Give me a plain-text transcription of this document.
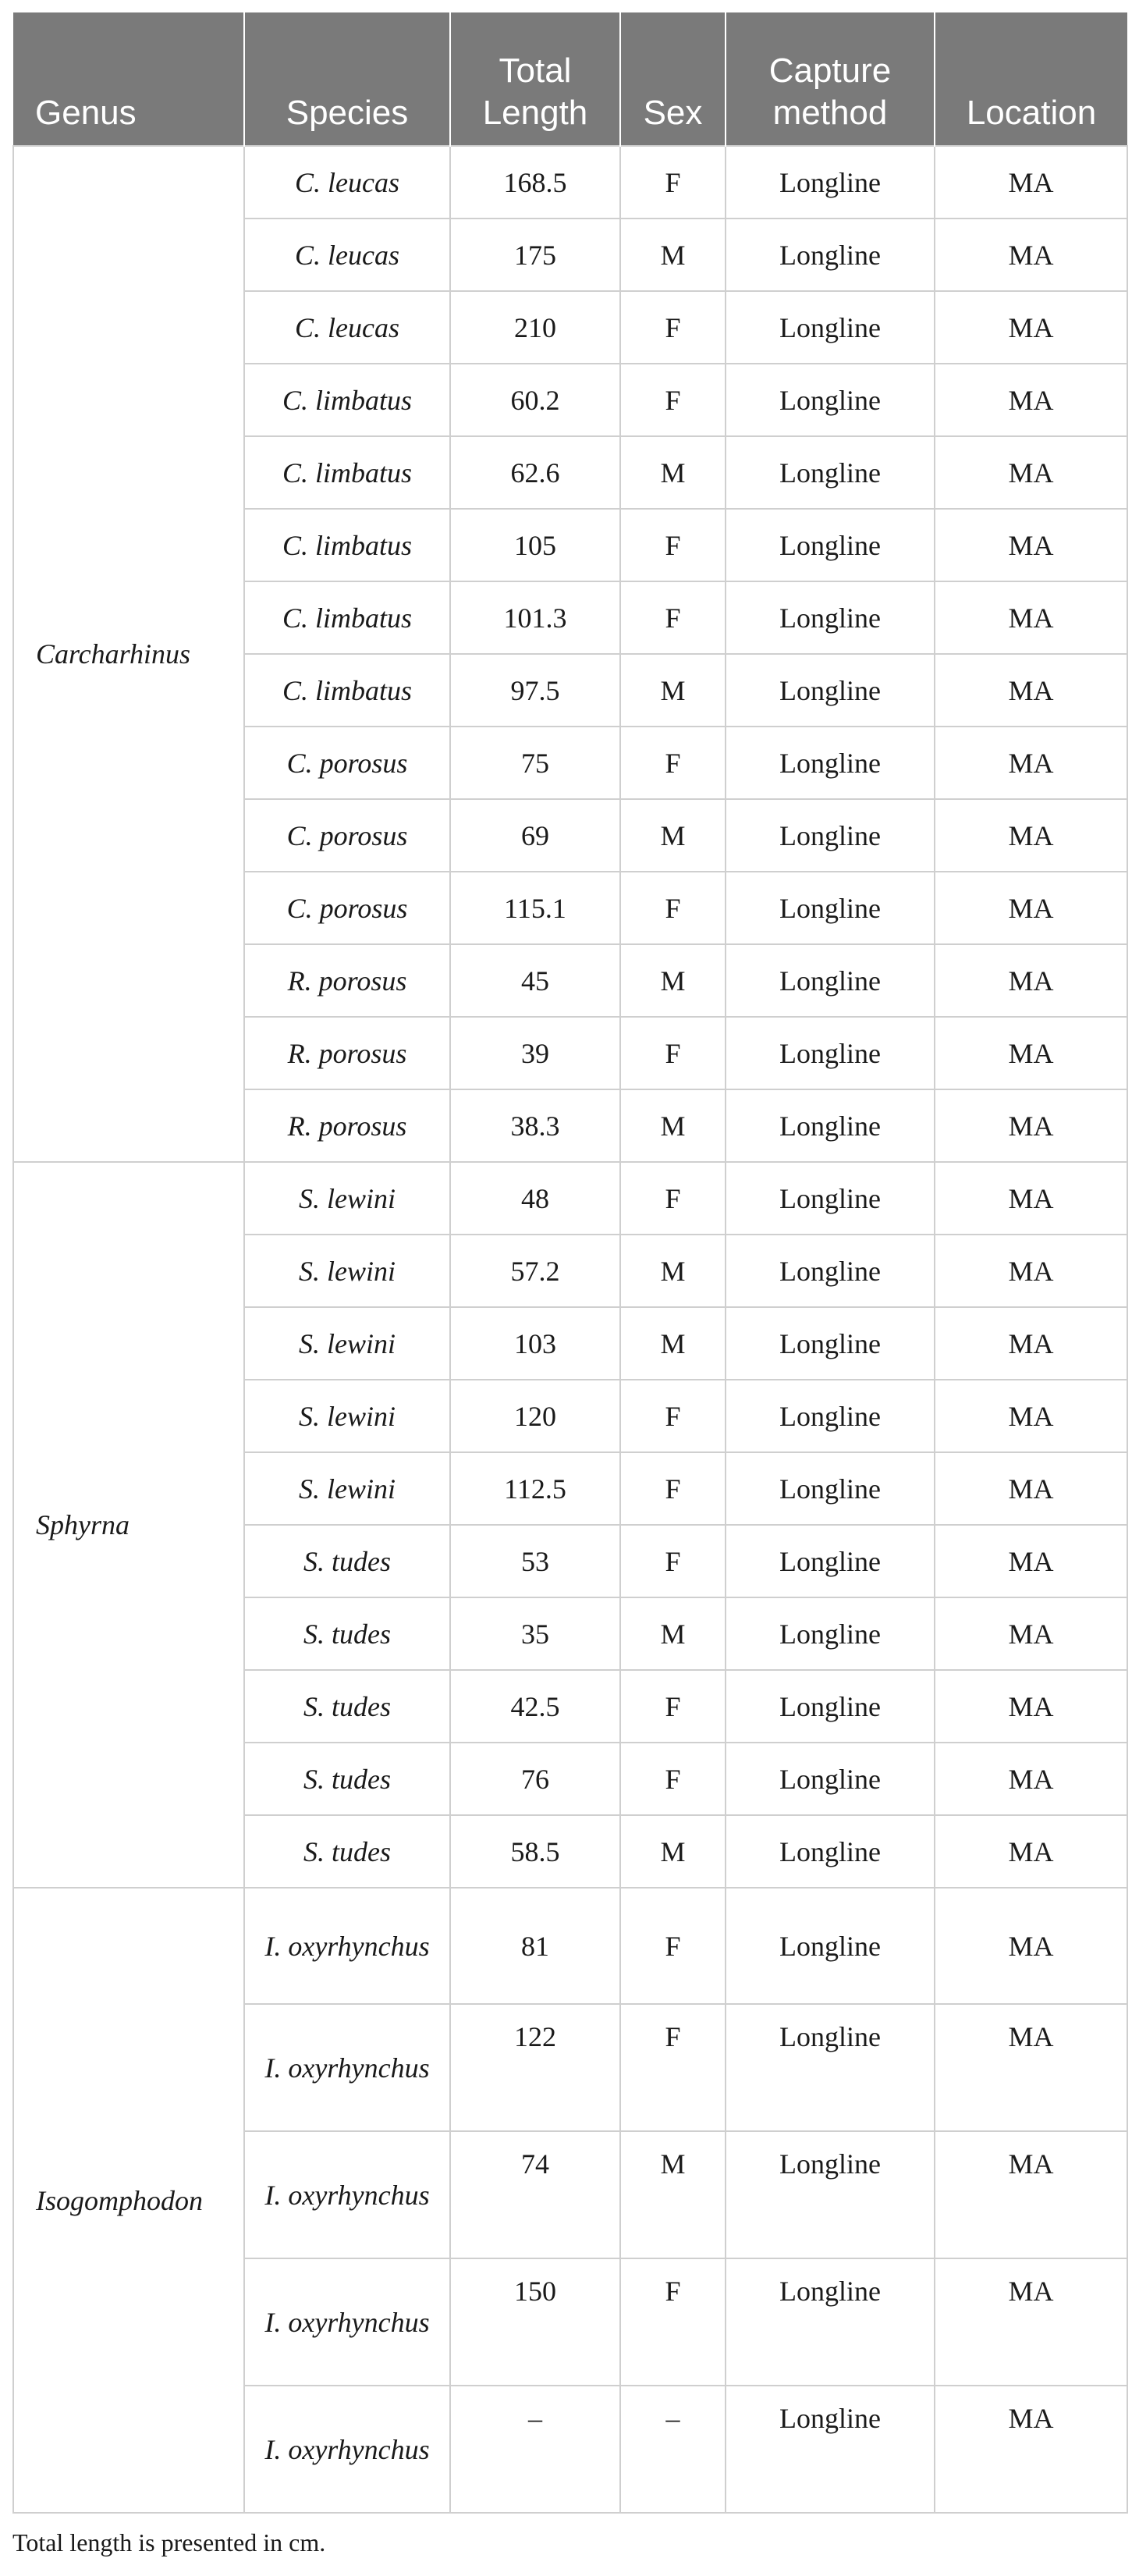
Genus	Species	Total Length	Sex	Capture method	Location
Carcharhinus	C. leucas	168.5	F	Longline	MA
	C. leucas	175	M	Longline	MA
	C. leucas	210	F	Longline	MA
	C. limbatus	60.2	F	Longline	MA
	C. limbatus	62.6	M	Longline	MA
	C. limbatus	105	F	Longline	MA
	C. limbatus	101.3	F	Longline	MA
	C. limbatus	97.5	M	Longline	MA
	C. porosus	75	F	Longline	MA
	C. porosus	69	M	Longline	MA
	C. porosus	115.1	F	Longline	MA
	R. porosus	45	M	Longline	MA
	R. porosus	39	F	Longline	MA
	R. porosus	38.3	M	Longline	MA
Sphyrna	S. lewini	48	F	Longline	MA
	S. lewini	57.2	M	Longline	MA
	S. lewini	103	M	Longline	MA
	S. lewini	120	F	Longline	MA
	S. lewini	112.5	F	Longline	MA
	S. tudes	53	F	Longline	MA
	S. tudes	35	M	Longline	MA
	S. tudes	42.5	F	Longline	MA
	S. tudes	76	F	Longline	MA
	S. tudes	58.5	M	Longline	MA
Isogomphodon	I. oxyrhynchus	81	F	Longline	MA
	I. oxyrhynchus	122	F	Longline	MA
	I. oxyrhynchus	74	M	Longline	MA
	I. oxyrhynchus	150	F	Longline	MA
	I. oxyrhynchus	–	–	Longline	MA
Total length is presented in cm.
